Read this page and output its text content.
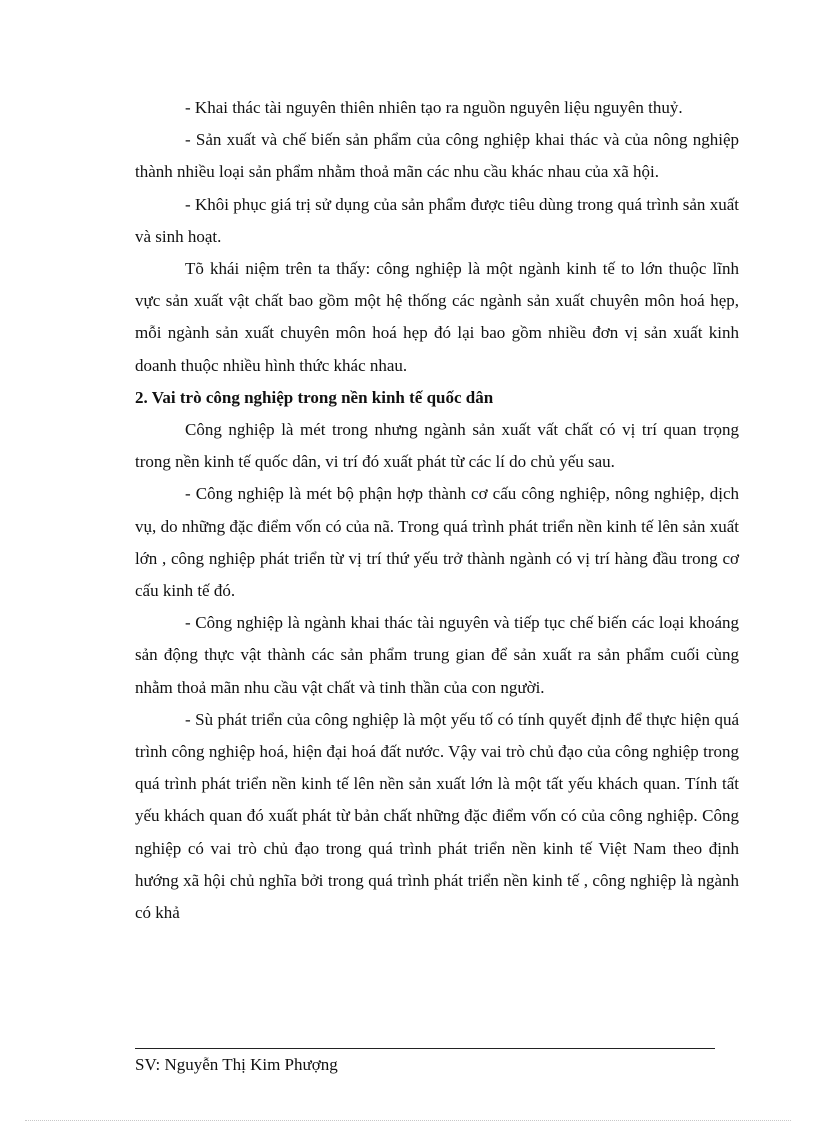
- Khai thác tài nguyên thiên nhiên tạo ra nguồn nguyên liệu nguyên thuỷ.

- Sản xuất và chế biến sản phẩm của công nghiệp khai thác và của nông nghiệp thành nhiều loại sản phẩm nhằm thoả mãn các nhu cầu khác nhau của xã hội.

- Khôi phục giá trị sử dụng của sản phẩm được tiêu dùng trong quá trình sản xuất và sinh hoạt.

Tõ khái niệm trên ta thấy: công nghiệp là một ngành kinh tế to lớn thuộc lĩnh vực sản xuất vật chất bao gồm một hệ thống các ngành sản xuất chuyên môn hoá hẹp, mỗi ngành sản xuất chuyên môn hoá hẹp đó lại bao gồm nhiều đơn vị sản xuất kinh doanh thuộc nhiều hình thức khác nhau.

2. Vai trò công nghiệp trong nền kinh tế quốc dân

Công nghiệp là mét trong nhưng ngành sản xuất vất chất có vị trí quan trọng trong nền kinh tế quốc dân, vi trí đó xuất phát từ các lí do chủ yếu sau.

- Công nghiệp là mét bộ phận hợp thành cơ cấu công nghiệp, nông nghiệp, dịch vụ, do những đặc điểm vốn có của nã. Trong quá trình phát triển nền kinh tế lên sản xuất lớn , công nghiệp phát triển từ vị trí thứ yếu trở thành ngành có vị trí hàng đầu trong cơ cấu kinh tế đó.

- Công nghiệp là ngành khai thác tài nguyên và tiếp tục chế biến các loại khoáng sản động thực vật thành các sản phẩm trung gian để sản xuất ra sản phẩm cuối cùng nhằm thoả mãn nhu cầu vật chất và tinh thần của con người.

- Sù phát triển của công nghiệp là một yếu tố có tính quyết định để thực hiện quá trình công nghiệp hoá, hiện đại hoá đất nước. Vậy vai trò chủ đạo của công nghiệp trong quá trình phát triển nền kinh tế lên nền sản xuất lớn là một tất yếu khách quan. Tính tất yếu khách quan đó xuất phát từ bản chất những đặc điểm vốn có của công nghiệp. Công nghiệp có vai trò chủ đạo trong quá trình phát triển nền kinh tế Việt Nam theo định hướng xã hội chủ nghĩa bởi trong quá trình phát triển nền kinh tế , công nghiệp là ngành có khả

SV: Nguyễn Thị Kim Phượng
